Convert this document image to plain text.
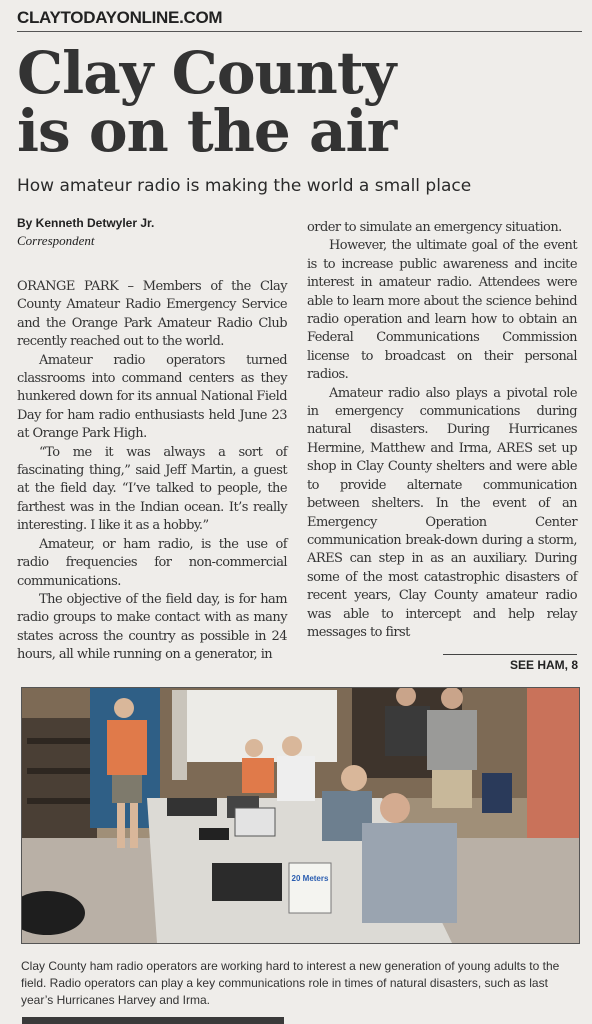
CLAYTODAYONLINE.COM
Clay County
is on the air
How amateur radio is making the world a small place
By Kenneth Detwyler Jr.
Correspondent

ORANGE PARK – Members of the Clay County Amateur Radio Emergency Service and the Orange Park Amateur Radio Club recently reached out to the world.

Amateur radio operators turned classrooms into command centers as they hunkered down for its annual National Field Day for ham radio enthusiasts held June 23 at Orange Park High.

“To me it was always a sort of fascinating thing,” said Jeff Martin, a guest at the field day. “I’ve talked to people, the farthest was in the Indian ocean. It’s really interesting. I like it as a hobby.”

Amateur, or ham radio, is the use of radio frequencies for non-commercial communications.

The objective of the field day, is for ham radio groups to make contact with as many states across the country as possible in 24 hours, all while running on a generator, in

order to simulate an emergency situation.

However, the ultimate goal of the event is to increase public awareness and incite interest in amateur radio. Attendees were able to learn more about the science behind radio operation and learn how to obtain an Federal Communications Commission license to broadcast on their personal radios.

Amateur radio also plays a pivotal role in emergency communications during natural disasters. During Hurricanes Hermine, Matthew and Irma, ARES set up shop in Clay County shelters and were able to provide alternate communication between shelters. In the event of an Emergency Operation Center communication break-down during a storm, ARES can step in as an auxiliary. During some of the most catastrophic disasters of recent years, Clay County amateur radio was able to intercept and help relay messages to first

SEE HAM, 8
20 Meters
Clay County ham radio operators are working hard to interest a new generation of young adults to the field. Radio operators can play a key communications role in times of natural disasters, such as last year’s Hurricanes Harvey and Irma.
